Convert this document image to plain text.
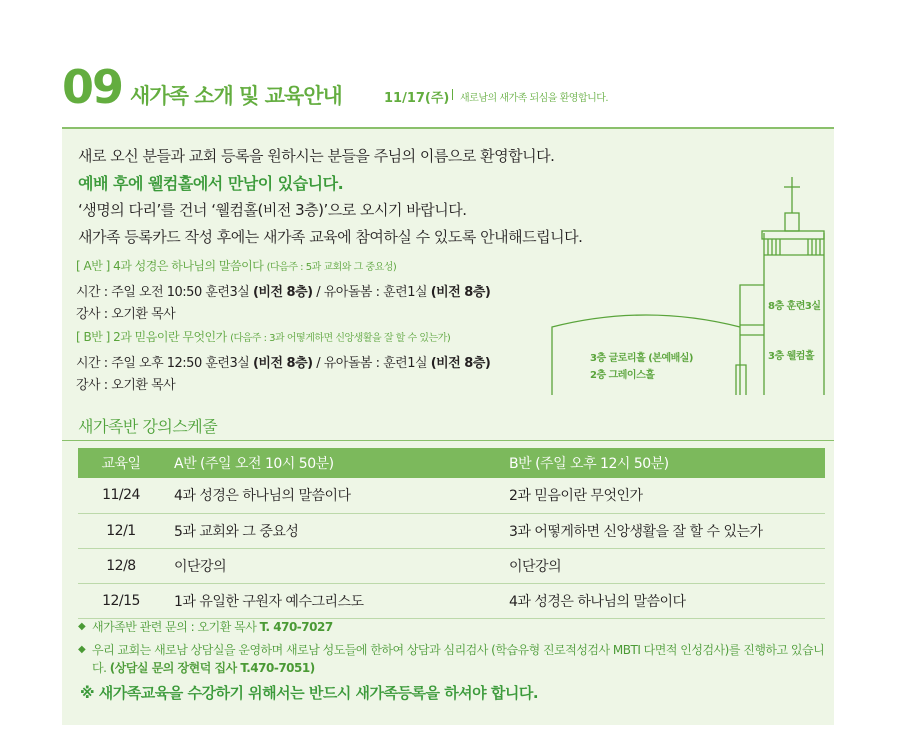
09 새가족 소개 및 교육안내	11/17(주) 새로남의 새가족 되심을 환영합니다.
새로 오신 분들과 교회 등록을 원하시는 분들을 주님의 이름으로 환영합니다.
예배 후에 웰컴홀에서 만남이 있습니다.
‘생명의 다리’를 건너 ‘웰컴홀(비전 3층)’으로 오시기 바랍니다.
새가족 등록카드 작성 후에는 새가족 교육에 참여하실 수 있도록 안내해드립니다.
[ A반 ] 4과 성경은 하나님의 말씀이다 (다음주 : 5과 교회와 그 중요성)
시간 : 주일 오전 10:50 훈련3실 (비전 8층) / 유아돌봄 : 훈련1실 (비전 8층)
강사 : 오기환 목사
[ B반 ] 2과 믿음이란 무엇인가 (다음주 : 3과 어떻게하면 신앙생활을 잘 할 수 있는가)
시간 : 주일 오후 12:50 훈련3실 (비전 8층) / 유아돌봄 : 훈련1실 (비전 8층)
강사 : 오기환 목사
8층 훈련3실
3층 웰컴홀
3층 글로리홀 (본예배실)
2층 그레이스홀
새가족반 강의스케줄
교육일	A반 (주일 오전 10시 50분)	B반 (주일 오후 12시 50분)
11/24	4과 성경은 하나님의 말씀이다	2과 믿음이란 무엇인가
12/1	5과 교회와 그 중요성	3과 어떻게하면 신앙생활을 잘 할 수 있는가
12/8	이단강의	이단강의
12/15	1과 유일한 구원자 예수그리스도	4과 성경은 하나님의 말씀이다
◆ 새가족반 관련 문의 : 오기환 목사 T. 470-7027
◆ 우리 교회는 새로남 상담실을 운영하며 새로남 성도들에 한하여 상담과 심리검사 (학습유형 진로적성검사 MBTI 다면적 인성검사)를 진행하고 있습니다. (상담실 문의 장현덕 집사 T.470-7051)
※ 새가족교육을 수강하기 위해서는 반드시 새가족등록을 하셔야 합니다.
